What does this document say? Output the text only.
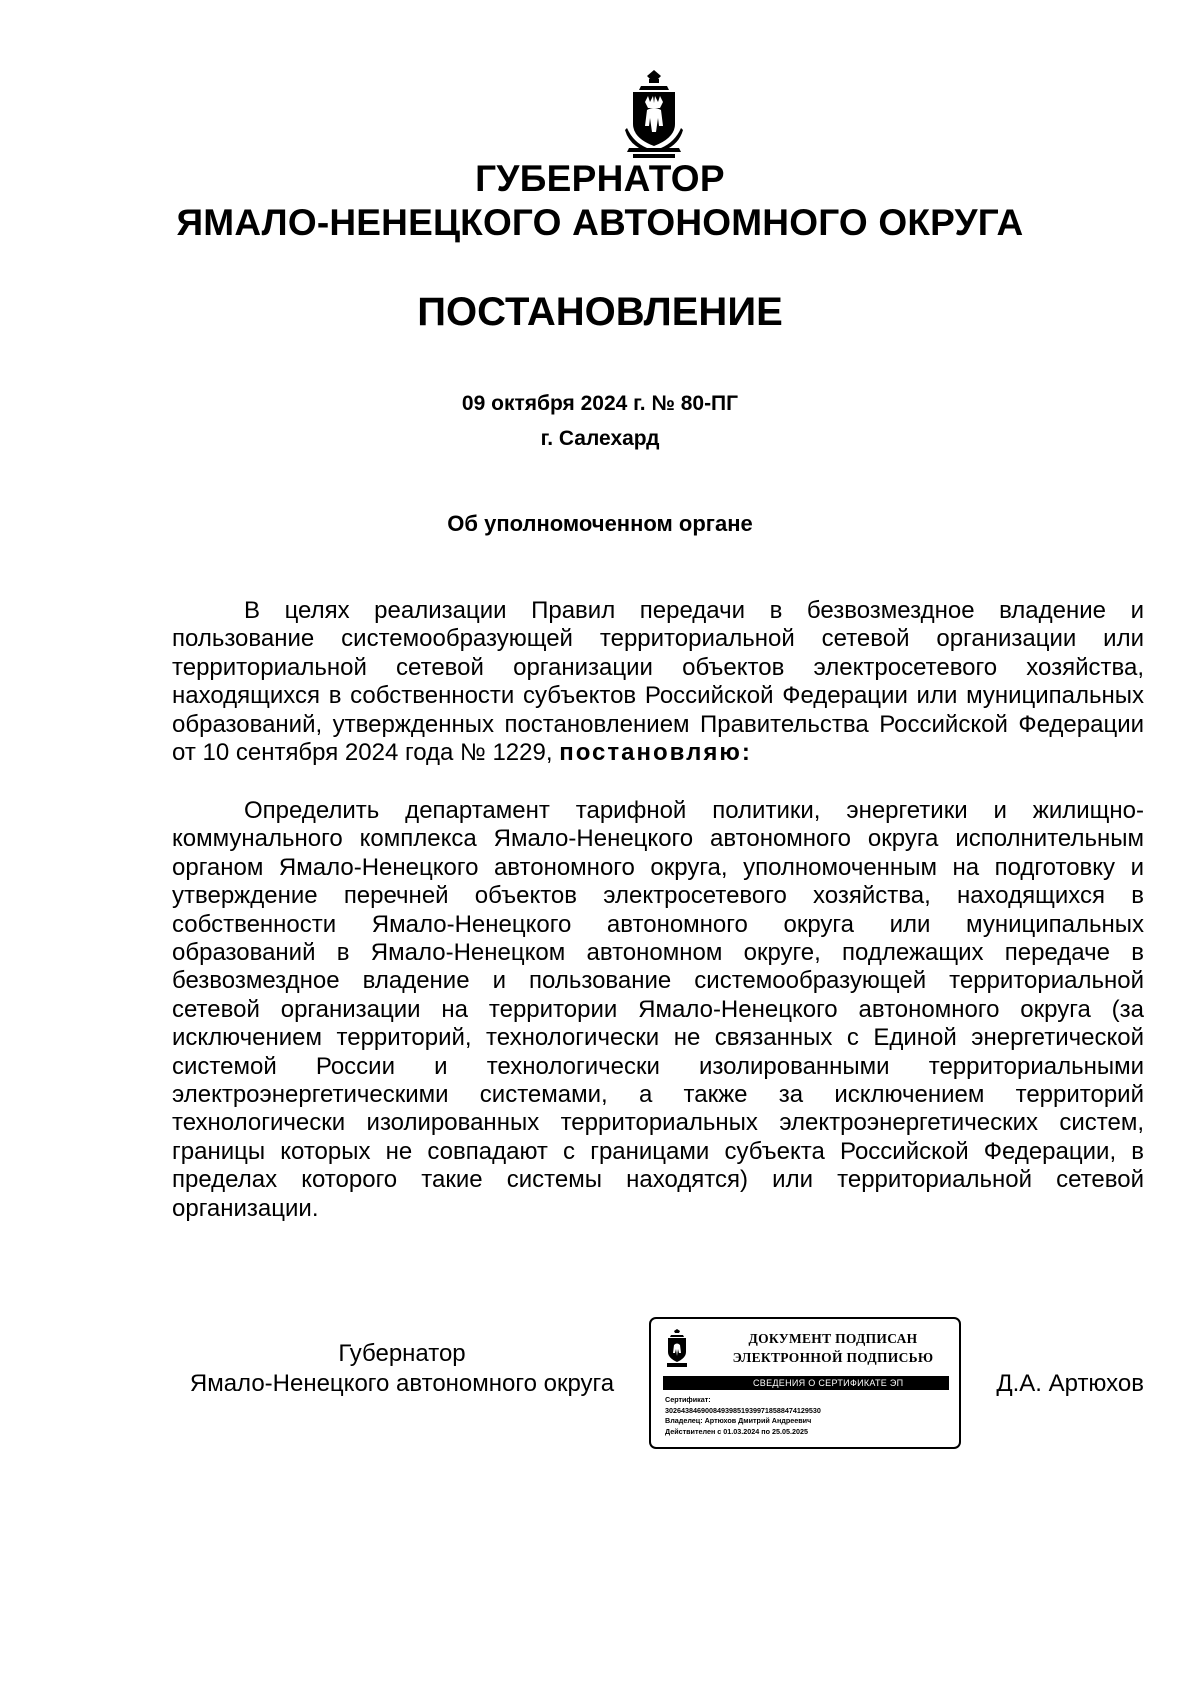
ГУБЕРНАТОР
ЯМАЛО-НЕНЕЦКОГО АВТОНОМНОГО ОКРУГА
ПОСТАНОВЛЕНИЕ
09 октября 2024 г. № 80-ПГ
г. Салехард
Об уполномоченном органе

В целях реализации Правил передачи в безвозмездное владение и пользование системообразующей территориальной сетевой организации или территориальной сетевой организации объектов электросетевого хозяйства, находящихся в собственности субъектов Российской Федерации или муниципальных образований, утвержденных постановлением Правительства Российской Федерации от 10 сентября 2024 года № 1229, постановляю:

Определить департамент тарифной политики, энергетики и жилищно-коммунального комплекса Ямало-Ненецкого автономного округа исполнительным органом Ямало-Ненецкого автономного округа, уполномоченным на подготовку и утверждение перечней объектов электросетевого хозяйства, находящихся в собственности Ямало-Ненецкого автономного округа или муниципальных образований в Ямало-Ненецком автономном округе, подлежащих передаче в безвозмездное владение и пользование системообразующей территориальной сетевой организации на территории Ямало-Ненецкого автономного округа (за исключением территорий, технологически не связанных с Единой энергетической системой России и технологически изолированными территориальными электроэнергетическими системами, а также за исключением территорий технологически изолированных территориальных электроэнергетических систем, границы которых не совпадают с границами субъекта Российской Федерации, в пределах которого такие системы находятся) или территориальной сетевой организации.

Губернатор
Ямало-Ненецкого автономного округа
ДОКУМЕНТ ПОДПИСАН
ЭЛЕКТРОННОЙ ПОДПИСЬЮ
СВЕДЕНИЯ О СЕРТИФИКАТЕ ЭП
Сертификат:
30264384690084939851939971858847412953​0
Владелец: Артюхов Дмитрий Андреевич
Действителен с 01.03.2024 по 25.05.2025
Д.А. Артюхов
